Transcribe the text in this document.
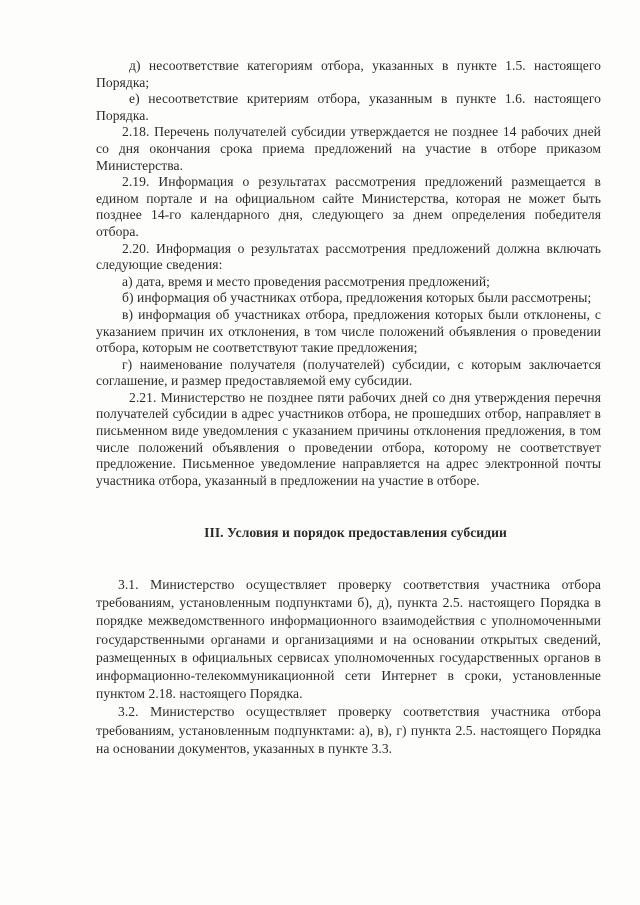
д) несоответствие категориям отбора, указанных в пункте 1.5. настоящего Порядка;

е) несоответствие критериям отбора, указанным в пункте 1.6. настоящего Порядка.

2.18. Перечень получателей субсидии утверждается не позднее 14 рабочих дней со дня окончания срока приема предложений на участие в отборе приказом Министерства.

2.19. Информация о результатах рассмотрения предложений размещается в едином портале и на официальном сайте Министерства, которая не может быть позднее 14-го календарного дня, следующего за днем определения победителя отбора.

2.20. Информация о результатах рассмотрения предложений должна включать следующие сведения:

а) дата, время и место проведения рассмотрения предложений;

б) информация об участниках отбора, предложения которых были рассмотрены;

в) информация об участниках отбора, предложения которых были отклонены, с указанием причин их отклонения, в том числе положений объявления о проведении отбора, которым не соответствуют такие предложения;

г) наименование получателя (получателей) субсидии, с которым заключается соглашение, и размер предоставляемой ему субсидии.

2.21. Министерство не позднее пяти рабочих дней со дня утверждения перечня получателей субсидии в адрес участников отбора, не прошедших отбор, направляет в письменном виде уведомления с указанием причины отклонения предложения, в том числе положений объявления о проведении отбора, которому не соответствует предложение. Письменное уведомление направляется на адрес электронной почты участника отбора, указанный в предложении на участие в отборе.

III. Условия и порядок предоставления субсидии

3.1. Министерство осуществляет проверку соответствия участника отбора требованиям, установленным подпунктами б), д), пункта 2.5. настоящего Порядка в порядке межведомственного информационного взаимодействия с уполномоченными государственными органами и организациями и на основании открытых сведений, размещенных в официальных сервисах уполномоченных государственных органов в информационно-телекоммуникационной сети Интернет в сроки, установленные пунктом 2.18. настоящего Порядка.

3.2. Министерство осуществляет проверку соответствия участника отбора требованиям, установленным подпунктами: а), в), г) пункта 2.5. настоящего Порядка на основании документов, указанных в пункте 3.3.
